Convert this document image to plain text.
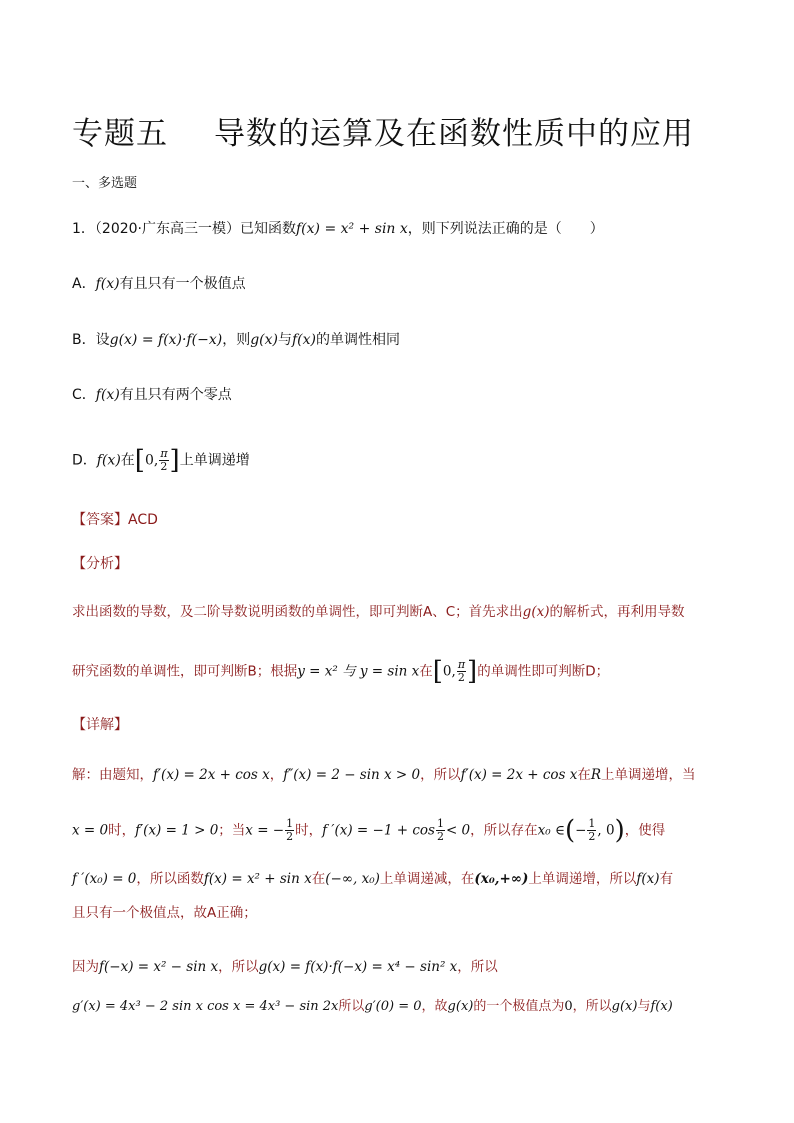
专题五 导数的运算及在函数性质中的应用
一、多选题
1．（2020·广东高三一模）已知函数f(x) = x² + sin x，则下列说法正确的是（　　）
A．f(x)有且只有一个极值点
B．设g(x) = f(x)·f(−x)，则g(x)与f(x)的单调性相同
C．f(x)有且只有两个零点
D．f(x)在[0, $\frac{\pi}{2}$ ]上单调递增
【答案】ACD
【分析】
求出函数的导数，及二阶导数说明函数的单调性，即可判断A、C；首先求出g(x)的解析式，再利用导数
研究函数的单调性，即可判断B；根据y = x² 与 y = sin x在[0, $\frac{\pi}{2}$ ]的单调性即可判断D；
【详解】
解：由题知，f′(x) = 2x + cos x，f″(x) = 2 − sin x > 0，所以f′(x) = 2x + cos x在R上单调递增，当
x = 0时，f′(x) = 1 > 0；当x = − $\frac{1}{2}$ 时，f $'(x) = -1 + \cos \frac{1}{2} < 0$，所以存在x₀ ∈(− $\frac{1}{2}$ , 0)，使得
f ′(x₀) = 0，所以函数f(x) = x² + sin x在(−∞, x₀)上单调递减，在(x₀,+∞)上单调递增，所以f(x)有
且只有一个极值点，故A正确；
因为f(−x) = x² − sin x，所以g(x) = f(x)·f(−x) = x⁴ − sin² x，所以
g′(x) = 4x³ − 2 sin x cos x = 4x³ − sin 2x所以g′(0) = 0，故g(x)的一个极值点为0，所以g(x)与f(x)
